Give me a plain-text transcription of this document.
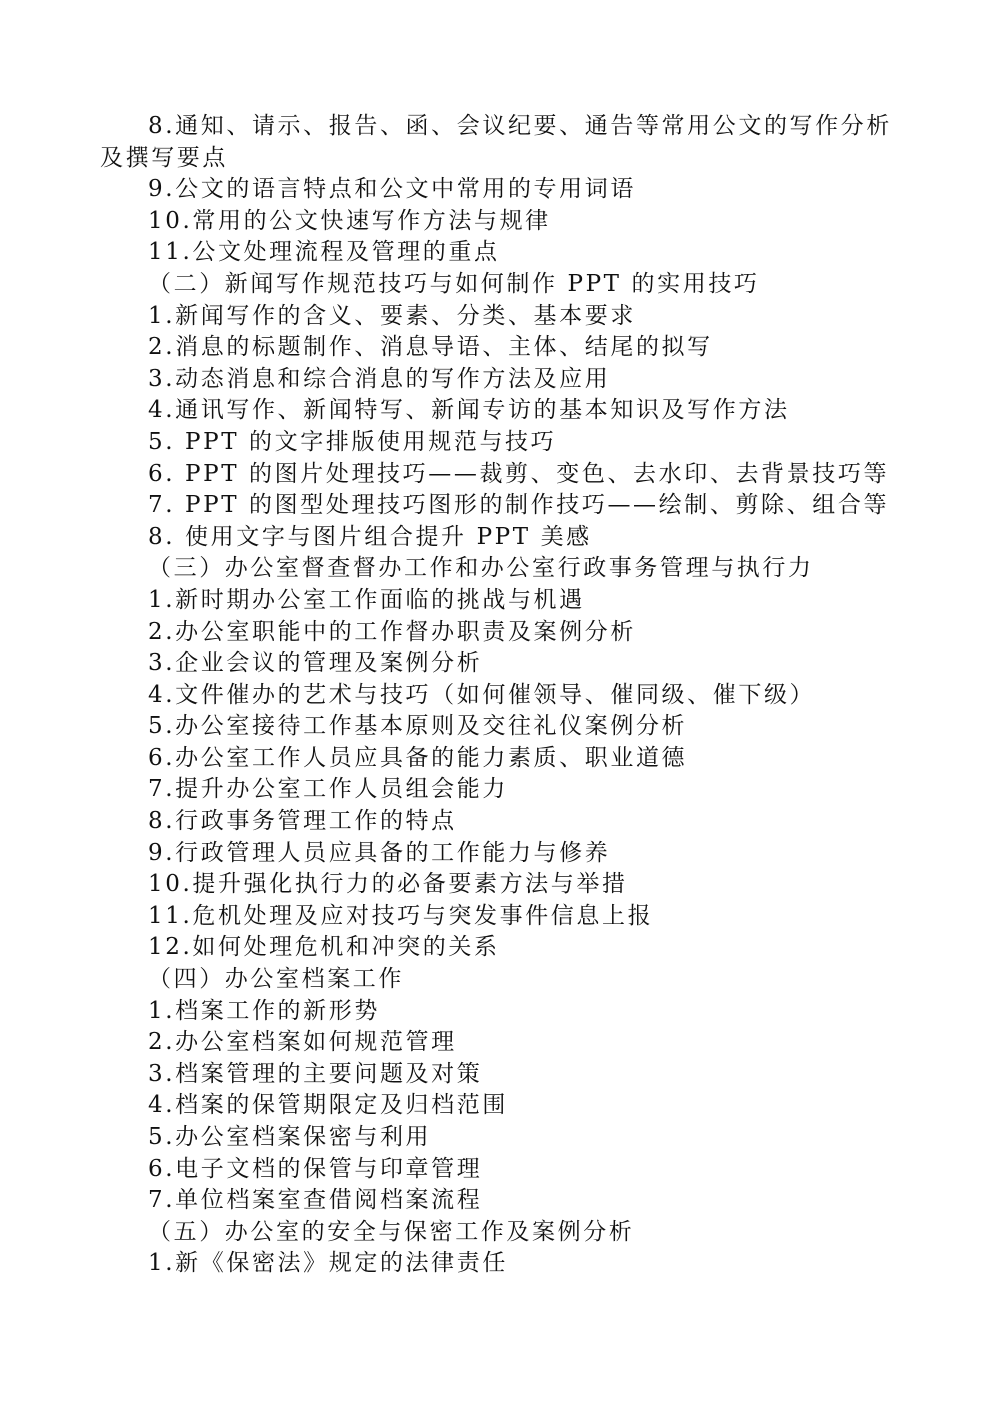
8.通知、请示、报告、函、会议纪要、通告等常用公文的写作分析及撰写要点
9.公文的语言特点和公文中常用的专用词语
10.常用的公文快速写作方法与规律
11.公文处理流程及管理的重点
（二）新闻写作规范技巧与如何制作 PPT 的实用技巧
1.新闻写作的含义、要素、分类、基本要求
2.消息的标题制作、消息导语、主体、结尾的拟写
3.动态消息和综合消息的写作方法及应用
4.通讯写作、新闻特写、新闻专访的基本知识及写作方法
5. PPT 的文字排版使用规范与技巧
6. PPT 的图片处理技巧——裁剪、变色、去水印、去背景技巧等
7. PPT 的图型处理技巧图形的制作技巧——绘制、剪除、组合等
8. 使用文字与图片组合提升 PPT 美感
（三）办公室督查督办工作和办公室行政事务管理与执行力
1.新时期办公室工作面临的挑战与机遇
2.办公室职能中的工作督办职责及案例分析
3.企业会议的管理及案例分析
4.文件催办的艺术与技巧（如何催领导、催同级、催下级）
5.办公室接待工作基本原则及交往礼仪案例分析
6.办公室工作人员应具备的能力素质、职业道德
7.提升办公室工作人员组会能力
8.行政事务管理工作的特点
9.行政管理人员应具备的工作能力与修养
10.提升强化执行力的必备要素方法与举措
11.危机处理及应对技巧与突发事件信息上报
12.如何处理危机和冲突的关系
（四）办公室档案工作
1.档案工作的新形势
2.办公室档案如何规范管理
3.档案管理的主要问题及对策
4.档案的保管期限定及归档范围
5.办公室档案保密与利用
6.电子文档的保管与印章管理
7.单位档案室查借阅档案流程
（五）办公室的安全与保密工作及案例分析
1.新《保密法》规定的法律责任
